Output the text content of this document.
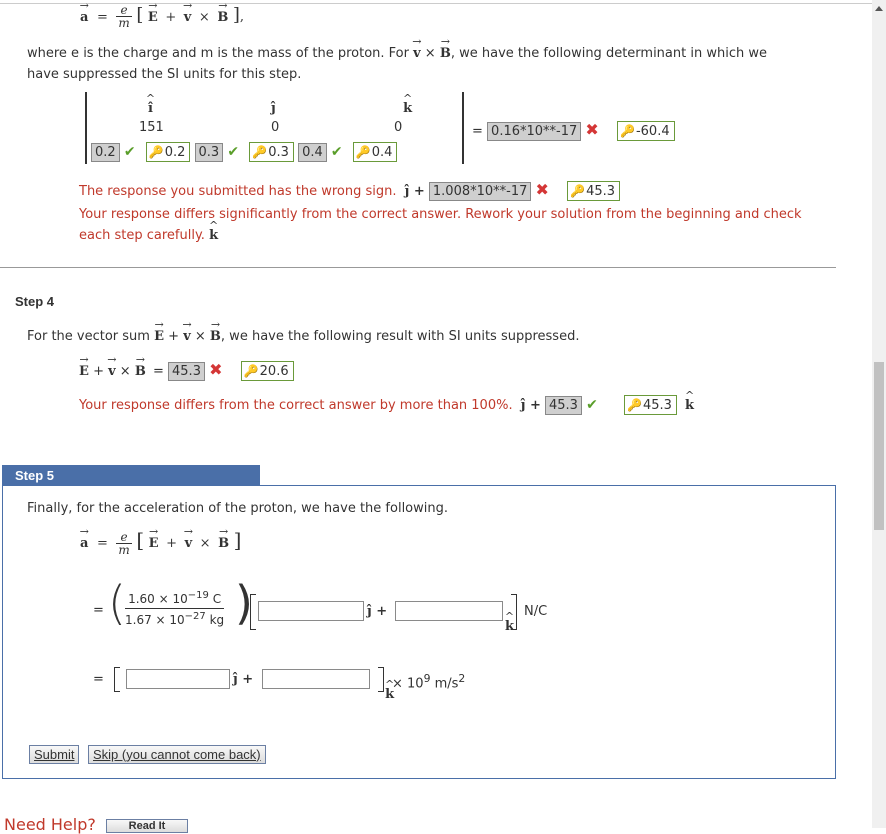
→ $a = \frac{e}{m}$ [ → E + → v × → B ],
where e is the charge and m is the mass of the proton. For → v × → B, we have the following determinant in which we
have suppressed the SI units for this step.
^ î	ĵ	^ k
151	0	0
0.2 ✔ 🔑0.2 0.3 ✔ 🔑0.3 0.4 ✔ 🔑0.4
= 0.16*10**-17 ✖ 🔑-60.4
The response you submitted has the wrong sign. ĵ + 1.008*10**-17 ✖ 🔑45.3
Your response differs significantly from the correct answer. Rework your solution from the beginning and check
each step carefully. ^ k
Step 4
For the vector sum → E + → v × → B, we have the following result with SI units suppressed.
→ E + → v × → B = 45.3 ✖ 🔑20.6
Your response differs from the correct answer by more than 100%. ĵ + 45.3 ✔ 🔑45.3 ^ k
Step 5
Finally, for the acceleration of the proton, we have the following.
→ $a = \frac{e}{m}$ [ → E + → v × → B ]
= ( $1.60 \times 10^{-19}$ C
$1.67 \times 10^{-27}$ kg )	ĵ +
^ k
N/C
=	ĵ +
^ k
× $10^9$ $m/s^2$
Submit	Skip (you cannot come back)
Need Help?	Read It
